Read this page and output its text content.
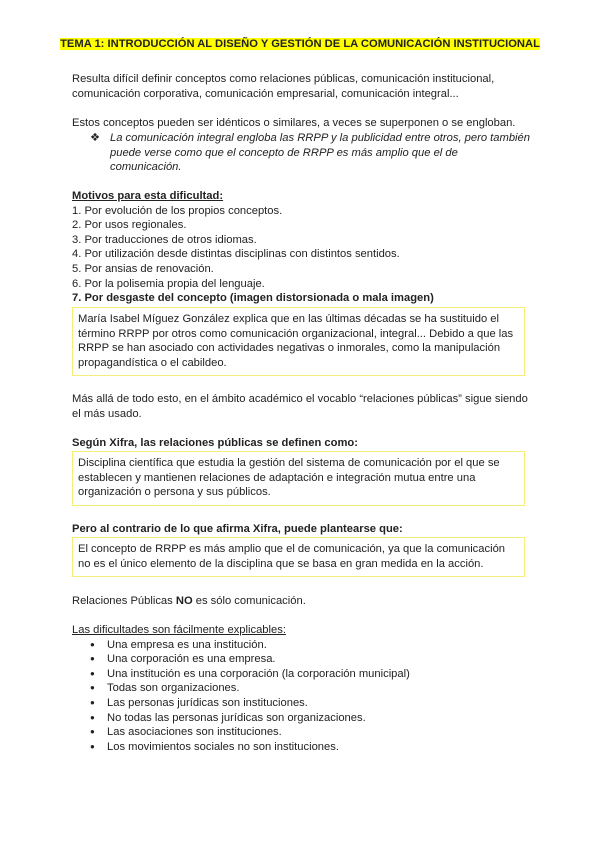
TEMA 1: INTRODUCCIÓN AL DISEÑO Y GESTIÓN DE LA COMUNICACIÓN INSTITUCIONAL

Resulta difícil definir conceptos como relaciones públicas, comunicación institucional, comunicación corporativa, comunicación empresarial, comunicación integral...

Estos conceptos pueden ser idénticos o similares, a veces se superponen o se engloban.

❖ La comunicación integral engloba las RRPP y la publicidad entre otros, pero también puede verse como que el concepto de RRPP es más amplio que el de comunicación.

Motivos para esta dificultad:

1. Por evolución de los propios conceptos.
2. Por usos regionales.
3. Por traducciones de otros idiomas.
4. Por utilización desde distintas disciplinas con distintos sentidos.
5. Por ansias de renovación.
6. Por la polisemia propia del lenguaje.
7. Por desgaste del concepto (imagen distorsionada o mala imagen)

María Isabel Míguez González explica que en las últimas décadas se ha sustituido el término RRPP por otros como comunicación organizacional, integral... Debido a que las RRPP se han asociado con actividades negativas o inmorales, como la manipulación propagandística o el cabildeo.

Más allá de todo esto, en el ámbito académico el vocablo “relaciones públicas” sigue siendo el más usado.

Según Xifra, las relaciones públicas se definen como:

Disciplina científica que estudia la gestión del sistema de comunicación por el que se establecen y mantienen relaciones de adaptación e integración mutua entre una organización o persona y sus públicos.

Pero al contrario de lo que afirma Xifra, puede plantearse que:

El concepto de RRPP es más amplio que el de comunicación, ya que la comunicación no es el único elemento de la disciplina que se basa en gran medida en la acción.

Relaciones Públicas NO es sólo comunicación.

Las dificultades son fácilmente explicables:

● Una empresa es una institución.
● Una corporación es una empresa.
● Una institución es una corporación (la corporación municipal)
● Todas son organizaciones.
● Las personas jurídicas son instituciones.
● No todas las personas jurídicas son organizaciones.
● Las asociaciones son instituciones.
● Los movimientos sociales no son instituciones.
